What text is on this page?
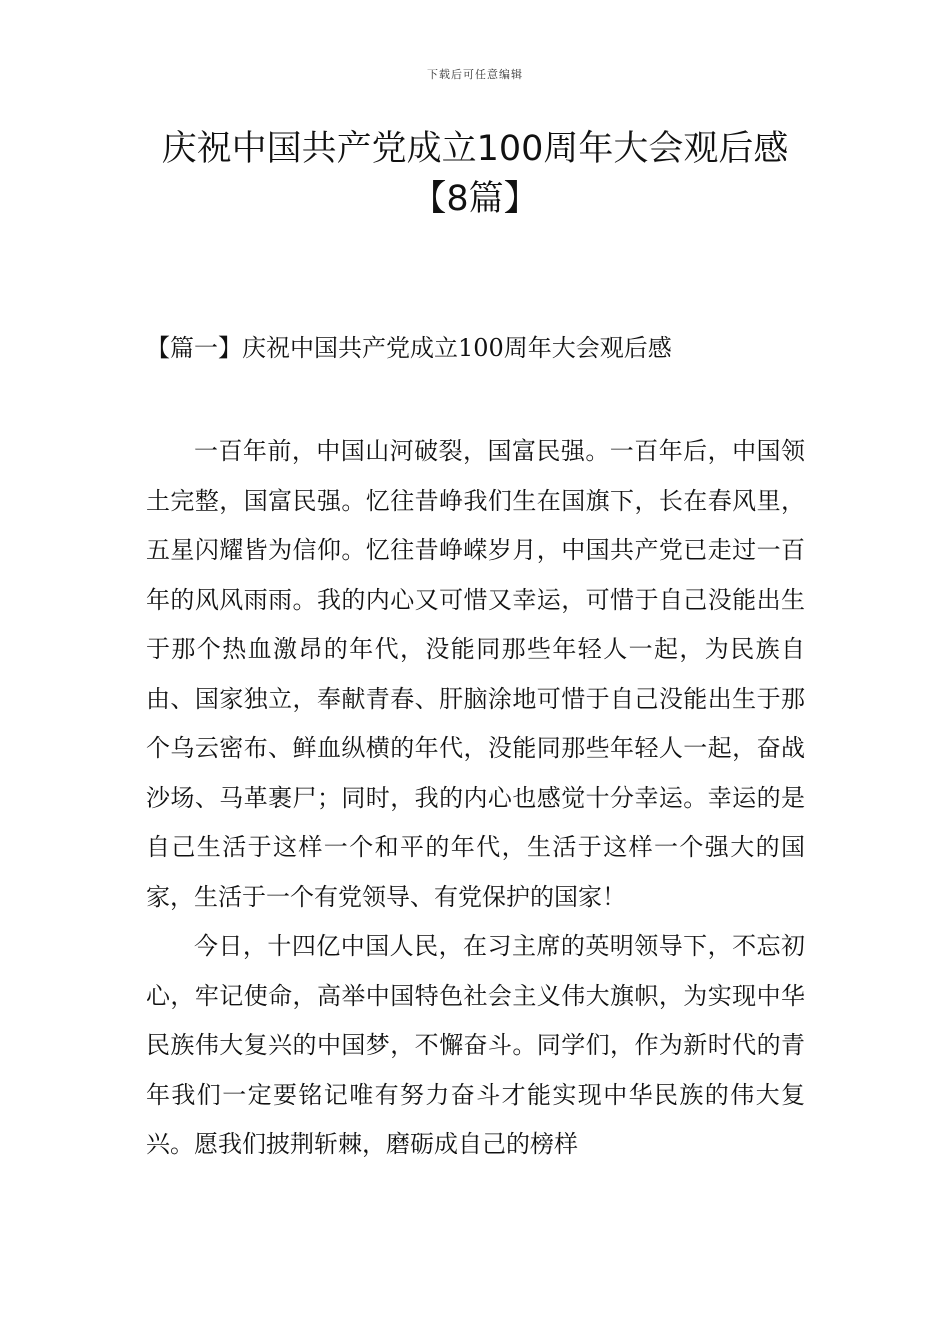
下载后可任意编辑
庆祝中国共产党成立100周年大会观后感
【8篇】
【篇一】庆祝中国共产党成立100周年大会观后感

一百年前，中国山河破裂，国富民强。一百年后，中国领土完整，国富民强。忆往昔峥我们生在国旗下，长在春风里，五星闪耀皆为信仰。忆往昔峥嵘岁月，中国共产党已走过一百年的风风雨雨。我的内心又可惜又幸运，可惜于自己没能出生于那个热血激昂的年代，没能同那些年轻人一起，为民族自由、国家独立，奉献青春、肝脑涂地可惜于自己没能出生于那个乌云密布、鲜血纵横的年代，没能同那些年轻人一起，奋战沙场、马革裹尸；同时，我的内心也感觉十分幸运。幸运的是自己生活于这样一个和平的年代，生活于这样一个强大的国家，生活于一个有党领导、有党保护的国家！

今日，十四亿中国人民，在习主席的英明领导下，不忘初心，牢记使命，高举中国特色社会主义伟大旗帜，为实现中华民族伟大复兴的中国梦，不懈奋斗。同学们，作为新时代的青年我们一定要铭记唯有努力奋斗才能实现中华民族的伟大复兴。愿我们披荆斩棘，磨砺成自己的榜样
